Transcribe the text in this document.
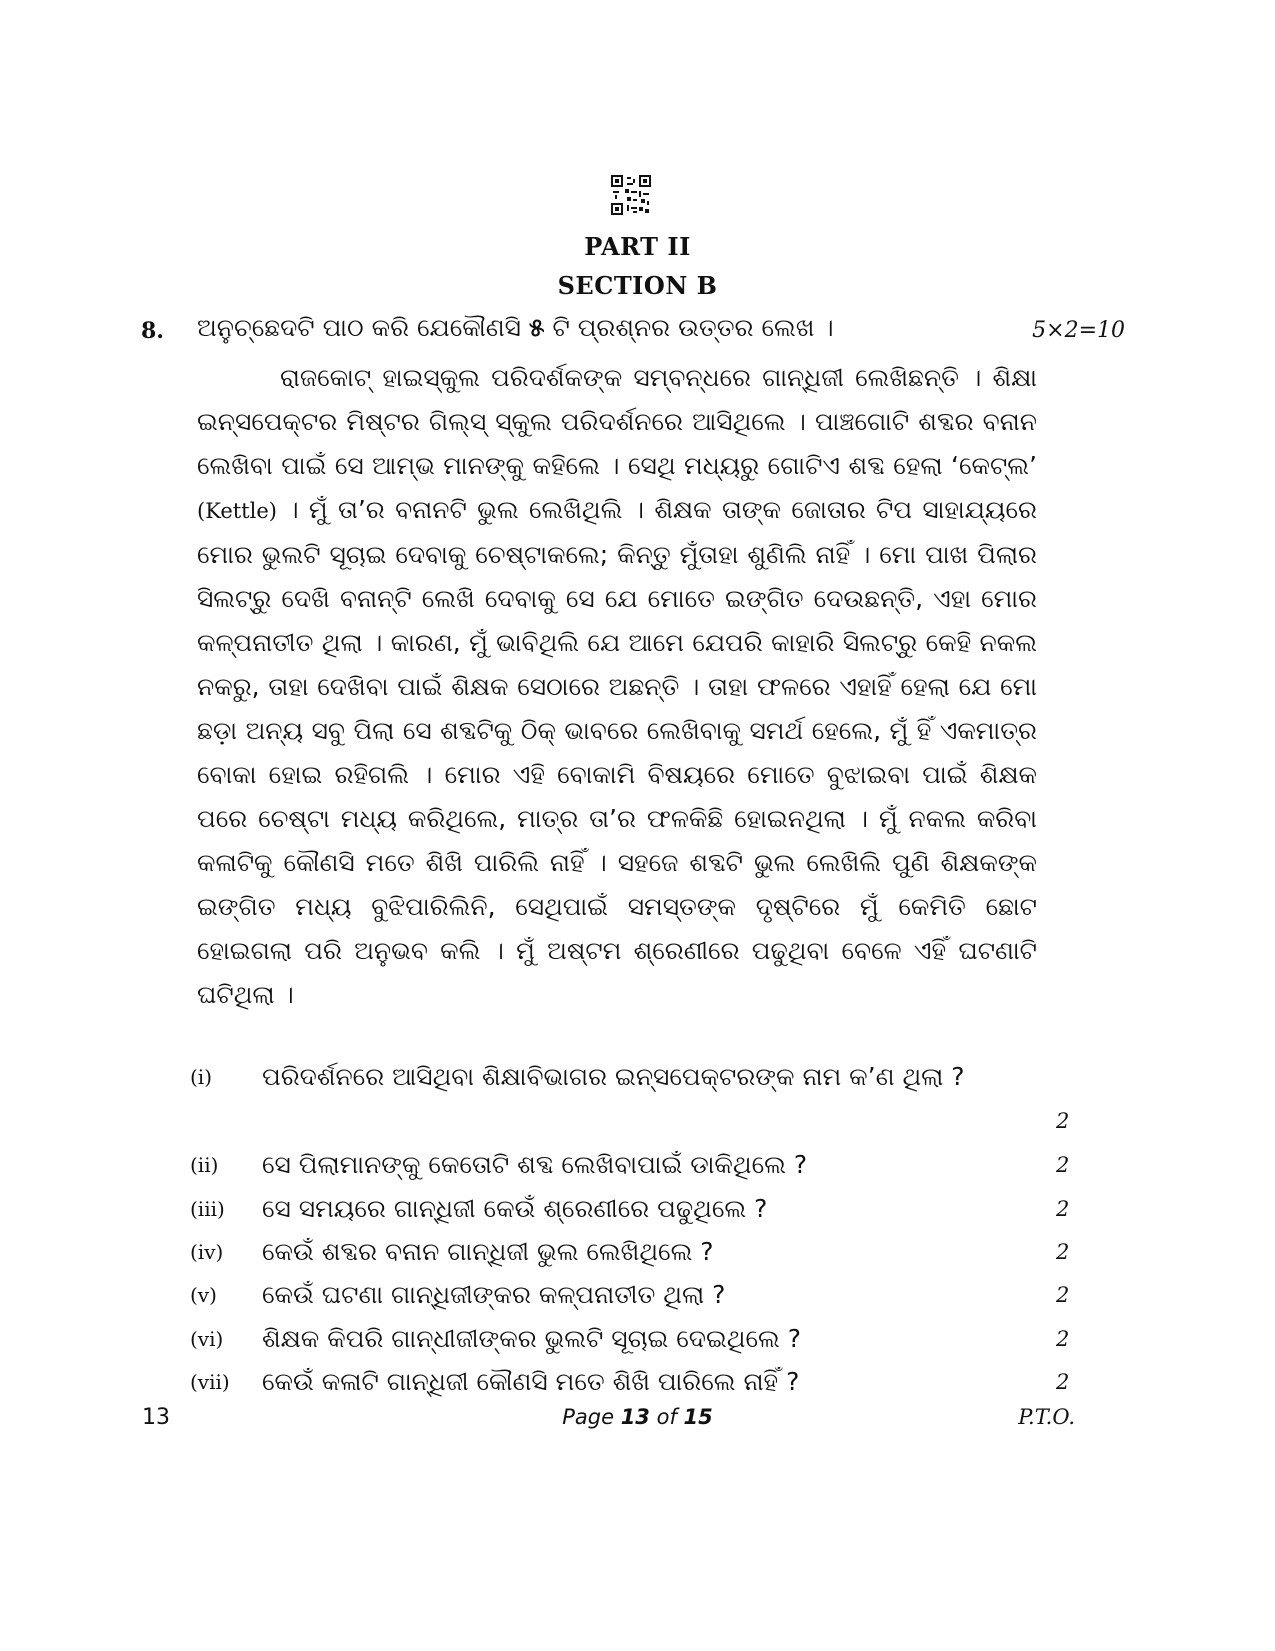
PART II
SECTION B
8. ଅନୁଚ୍ଛେଦଟି ପାଠ କରି ଯେକୌଣସି ୫ ଟି ପ୍ରଶ୍ନର ଉତ୍ତର ଲେଖ ।	5×2=10

ରାଜକୋଟ୍ ହାଇସ୍କୁଲ ପରିଦର୍ଶକଙ୍କ ସମ୍ବନ୍ଧରେ ଗାନ୍ଧିଜୀ ଲେଖିଛନ୍ତି । ଶିକ୍ଷା ଇନ୍ସପେକ୍ଟର ମିଷ୍ଟର ଗିଲ୍ସ୍ ସ୍କୁଲ ପରିଦର୍ଶନରେ ଆସିଥିଲେ । ପାଞ୍ଚଗୋଟି ଶବ୍ଦର ବନାନ ଲେଖିବା ପାଇଁ ସେ ଆମ୍ଭ ମାନଙ୍କୁ କହିଲେ । ସେଥି ମଧ୍ୟରୁ ଗୋଟିଏ ଶବ୍ଦ ହେଲା ‘କେଟ୍‌ଲ’ (Kettle) । ମୁଁ ତା’ର ବନାନଟି ଭୁଲ ଲେଖିଥିଲି । ଶିକ୍ଷକ ତାଙ୍କ ଜୋତାର ଟିପ ସାହାଯ୍ୟରେ ମୋର ଭୁଲଟି ସୂଚାଇ ଦେବାକୁ ଚେଷ୍ଟାକଲେ; କିନ୍ତୁ ମୁଁତାହା ଶୁଣିଲି ନାହିଁ । ମୋ ପାଖ ପିଲାର ସିଲଟ୍‌ରୁ ଦେଖି ବନାନ୍‌ଟି ଲେଖି ଦେବାକୁ ସେ ଯେ ମୋତେ ଇଙ୍ଗିତ ଦେଉଛନ୍ତି, ଏହା ମୋର କଳ୍ପନାତୀତ ଥିଲା । କାରଣ, ମୁଁ ଭାବିଥିଲି ଯେ ଆମେ ଯେପରି କାହାରି ସିଲଟ୍‌ରୁ କେହି ନକଲ ନକରୁ, ତାହା ଦେଖିବା ପାଇଁ ଶିକ୍ଷକ ସେଠାରେ ଅଛନ୍ତି । ତାହା ଫଳରେ ଏହାହିଁ ହେଲା ଯେ ମୋ ଛଡ଼ା ଅନ୍ୟ ସବୁ ପିଲା ସେ ଶବ୍ଦଟିକୁ ଠିକ୍ ଭାବରେ ଲେଖିବାକୁ ସମର୍ଥ ହେଲେ, ମୁଁ ହିଁ ଏକମାତ୍ର ବୋକା ହୋଇ ରହିଗଲି । ମୋର ଏହି ବୋକାମି ବିଷୟରେ ମୋତେ ବୁଝାଇବା ପାଇଁ ଶିକ୍ଷକ ପରେ ଚେଷ୍ଟା ମଧ୍ୟ କରିଥିଲେ, ମାତ୍ର ତା’ର ଫଳକିଛି ହୋଇନଥିଲା । ମୁଁ ନକଲ କରିବା କଳାଟିକୁ କୌଣସି ମତେ ଶିଖି ପାରିଲି ନାହିଁ । ସହଜେ ଶବ୍ଦଟି ଭୁଲ ଲେଖିଲି ପୁଣି ଶିକ୍ଷକଙ୍କ ଇଙ୍ଗିତ ମଧ୍ୟ ବୁଝିପାରିଲିନି, ସେଥିପାଇଁ ସମସ୍ତଙ୍କ ଦୃଷ୍ଟିରେ ମୁଁ କେମିତି ଛୋଟ ହୋଇଗଲା ପରି ଅନୁଭବ କଲି । ମୁଁ ଅଷ୍ଟମ ଶ୍ରେଣୀରେ ପଢୁଥିବା ବେଳେ ଏହିଁ ଘଟଣାଟି ଘଟିଥିଲା ।

(i) ପରିଦର୍ଶନରେ ଆସିଥିବା ଶିକ୍ଷାବିଭାଗର ଇନ୍ସପେକ୍ଟରଙ୍କ ନାମ କ’ଣ ଥିଲା ?
2
(ii) ସେ ପିଲାମାନଙ୍କୁ କେତୋଟି ଶବ୍ଦ ଲେଖିବାପାଇଁ ଡାକିଥିଲେ ?	2
(iii) ସେ ସମୟରେ ଗାନ୍ଧିଜୀ କେଉଁ ଶ୍ରେଣୀରେ ପଢୁଥିଲେ ?	2
(iv) କେଉଁ ଶବ୍ଦର ବନାନ ଗାନ୍ଧିଜୀ ଭୁଲ ଲେଖିଥିଲେ ?	2
(v) କେଉଁ ଘଟଣା ଗାନ୍ଧିଜୀଙ୍କର କଳ୍ପନାତୀତ ଥିଲା ?	2
(vi) ଶିକ୍ଷକ କିପରି ଗାନ୍ଧୀଜୀଙ୍କର ଭୁଲଟି ସୂଚାଇ ଦେଇଥିଲେ ?	2
(vii) କେଉଁ କଳାଟି ଗାନ୍ଧିଜୀ କୌଣସି ମତେ ଶିଖି ପାରିଲେ ନାହିଁ ?	2
13	Page 13 of 15	P.T.O.
